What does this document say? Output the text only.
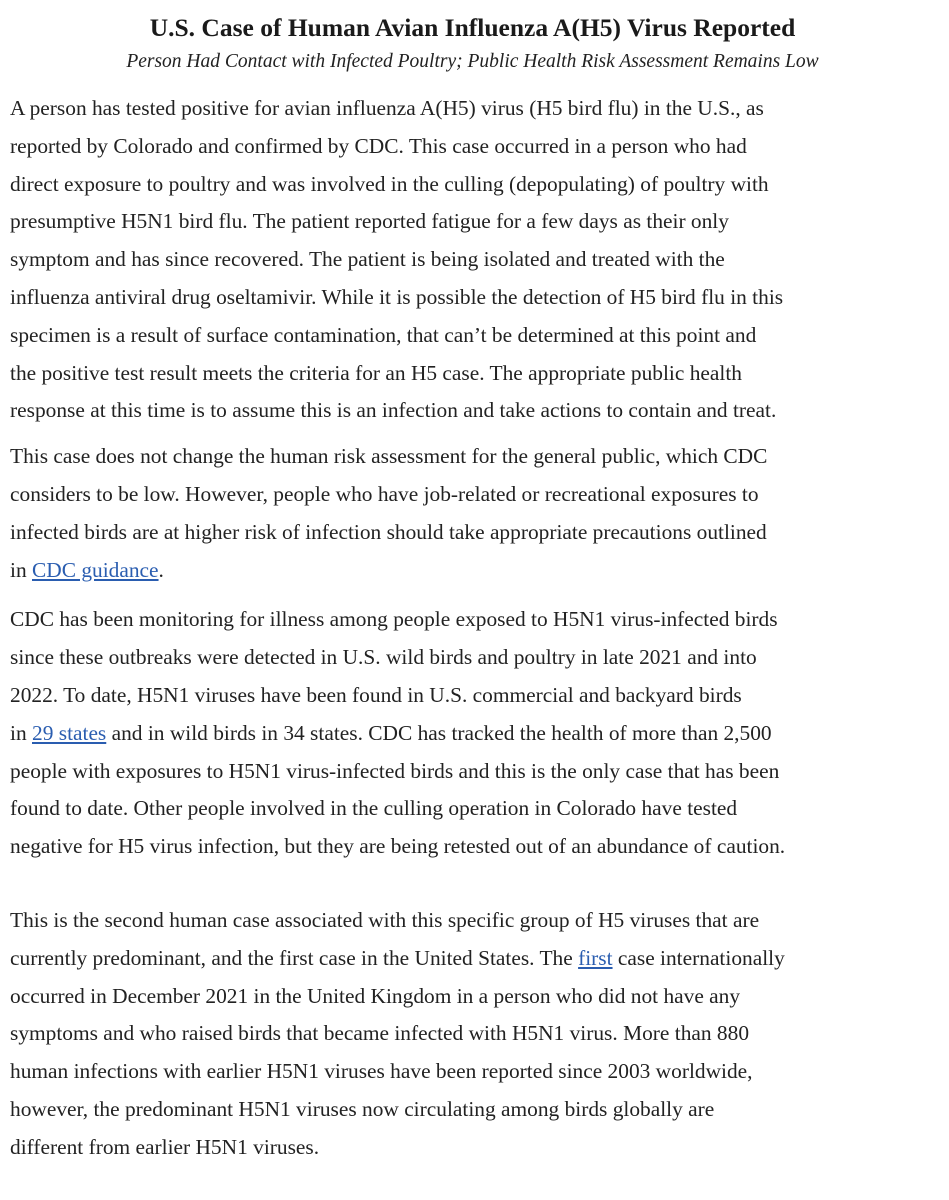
U.S. Case of Human Avian Influenza A(H5) Virus Reported
Person Had Contact with Infected Poultry; Public Health Risk Assessment Remains Low

A person has tested positive for avian influenza A(H5) virus (H5 bird flu) in the U.S., as
reported by Colorado and confirmed by CDC. This case occurred in a person who had
direct exposure to poultry and was involved in the culling (depopulating) of poultry with
presumptive H5N1 bird flu. The patient reported fatigue for a few days as their only
symptom and has since recovered. The patient is being isolated and treated with the
influenza antiviral drug oseltamivir. While it is possible the detection of H5 bird flu in this
specimen is a result of surface contamination, that can’t be determined at this point and
the positive test result meets the criteria for an H5 case. The appropriate public health
response at this time is to assume this is an infection and take actions to contain and treat.

This case does not change the human risk assessment for the general public, which CDC
considers to be low. However, people who have job-related or recreational exposures to
infected birds are at higher risk of infection should take appropriate precautions outlined
in CDC guidance.

CDC has been monitoring for illness among people exposed to H5N1 virus-infected birds
since these outbreaks were detected in U.S. wild birds and poultry in late 2021 and into
2022. To date, H5N1 viruses have been found in U.S. commercial and backyard birds
in 29 states and in wild birds in 34 states. CDC has tracked the health of more than 2,500
people with exposures to H5N1 virus-infected birds and this is the only case that has been
found to date. Other people involved in the culling operation in Colorado have tested
negative for H5 virus infection, but they are being retested out of an abundance of caution.

This is the second human case associated with this specific group of H5 viruses that are
currently predominant, and the first case in the United States. The first case internationally
occurred in December 2021 in the United Kingdom in a person who did not have any
symptoms and who raised birds that became infected with H5N1 virus. More than 880
human infections with earlier H5N1 viruses have been reported since 2003 worldwide,
however, the predominant H5N1 viruses now circulating among birds globally are
different from earlier H5N1 viruses.
